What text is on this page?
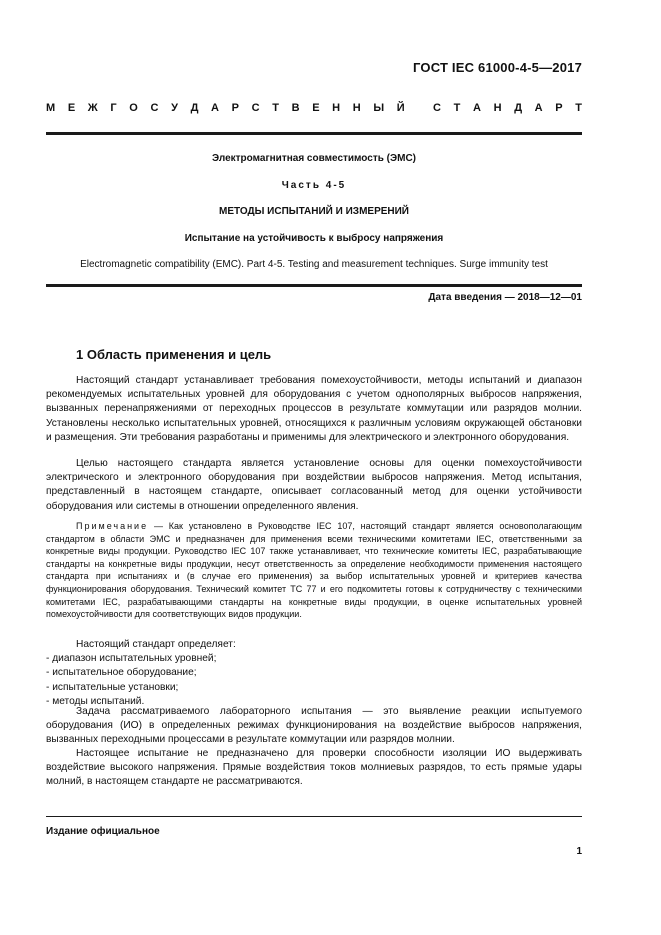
ГОСТ IEC 61000-4-5—2017
М Е Ж Г О С У Д А Р С Т В Е Н Н Ы Й
	С Т А Н Д А Р Т
Электромагнитная совместимость (ЭМС)
Часть 4-5
МЕТОДЫ ИСПЫТАНИЙ И ИЗМЕРЕНИЙ
Испытание на устойчивость к выбросу напряжения
Electromagnetic compatibility (EMC). Part 4-5. Testing and measurement techniques. Surge immunity test
Дата введения — 2018—12—01
1 Область применения и цель

Настоящий стандарт устанавливает требования помехоустойчивости, методы испытаний и диапазон рекомендуемых испытательных уровней для оборудования с учетом однополярных выбросов напряжения, вызванных перенапряжениями от переходных процессов в результате коммутации или разрядов молнии. Установлены несколько испытательных уровней, относящихся к различным условиям окружающей обстановки и размещения. Эти требования разработаны и применимы для электрического и электронного оборудования.

Целью настоящего стандарта является установление основы для оценки помехоустойчивости электрического и электронного оборудования при воздействии выбросов напряжения. Метод испытания, представленный в настоящем стандарте, описывает согласованный метод для оценки устойчивости оборудования или системы в отношении определенного явления.

Примечание — Как установлено в Руководстве IEC 107, настоящий стандарт является основополагающим стандартом в области ЭМС и предназначен для применения всеми техническими комитетами IEC, ответственными за конкретные виды продукции. Руководство IEC 107 также устанавливает, что технические комитеты IEC, разрабатывающие стандарты на конкретные виды продукции, несут ответственность за определение необходимости применения настоящего стандарта при испытаниях и (в случае его применения) за выбор испытательных уровней и критериев качества функционирования оборудования. Технический комитет ТС 77 и его подкомитеты готовы к сотрудничеству с техническими комитетами IEC, разрабатывающими стандарты на конкретные виды продукции, в оценке испытательных уровней помехоустойчивости для соответствующих видов продукции.

Настоящий стандарт определяет:
- диапазон испытательных уровней;
- испытательное оборудование;
- испытательные установки;
- методы испытаний.

Задача рассматриваемого лабораторного испытания — это выявление реакции испытуемого оборудования (ИО) в определенных режимах функционирования на воздействие выбросов напряжения, вызванных переходными процессами в результате коммутации или разрядов молнии.

Настоящее испытание не предназначено для проверки способности изоляции ИО выдерживать воздействие высокого напряжения. Прямые воздействия токов молниевых разрядов, то есть прямые удары молний, в настоящем стандарте не рассматриваются.

Издание официальное
1
